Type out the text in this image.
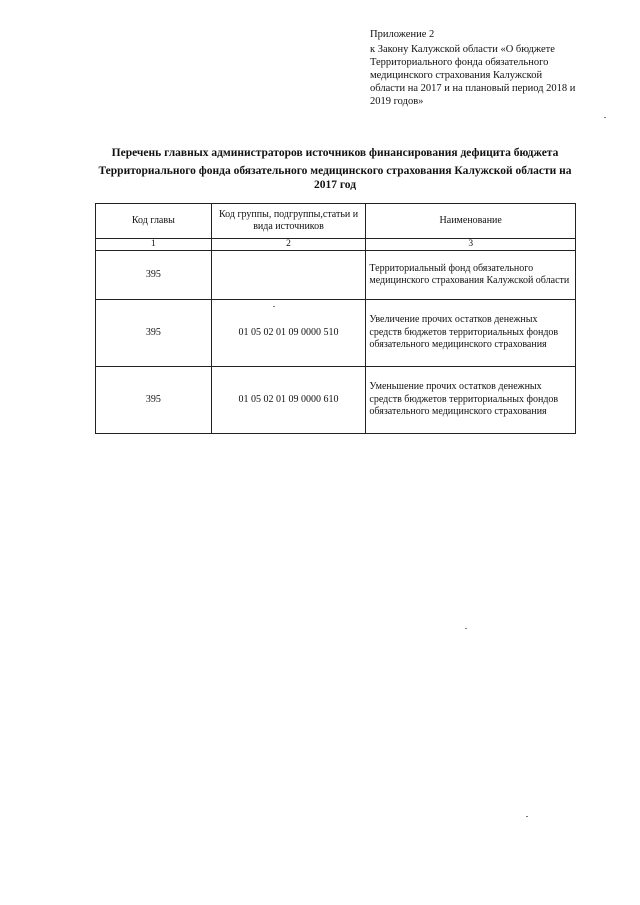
Приложение 2
к Закону Калужской области «О бюджете
Территориального фонда обязательного
медицинского страхования Калужской
области на 2017 и на плановый период 2018 и
2019 годов»
Перечень главных администраторов источников финансирования дефицита бюджета
Территориального фонда обязательного медицинского страхования Калужской области на 2017 год
Код главы	Код группы, подгруппы,статьи и вида источников	Наименование
1	2	3
395		Территориальный фонд обязательного медицинского страхования Калужской области
395	01 05 02 01 09 0000 510	Увеличение прочих остатков денежных средств бюджетов территориальных фондов обязательного медицинского страхования
395	01 05 02 01 09 0000 610	Уменьшение прочих остатков денежных средств бюджетов территориальных фондов обязательного медицинского страхования
